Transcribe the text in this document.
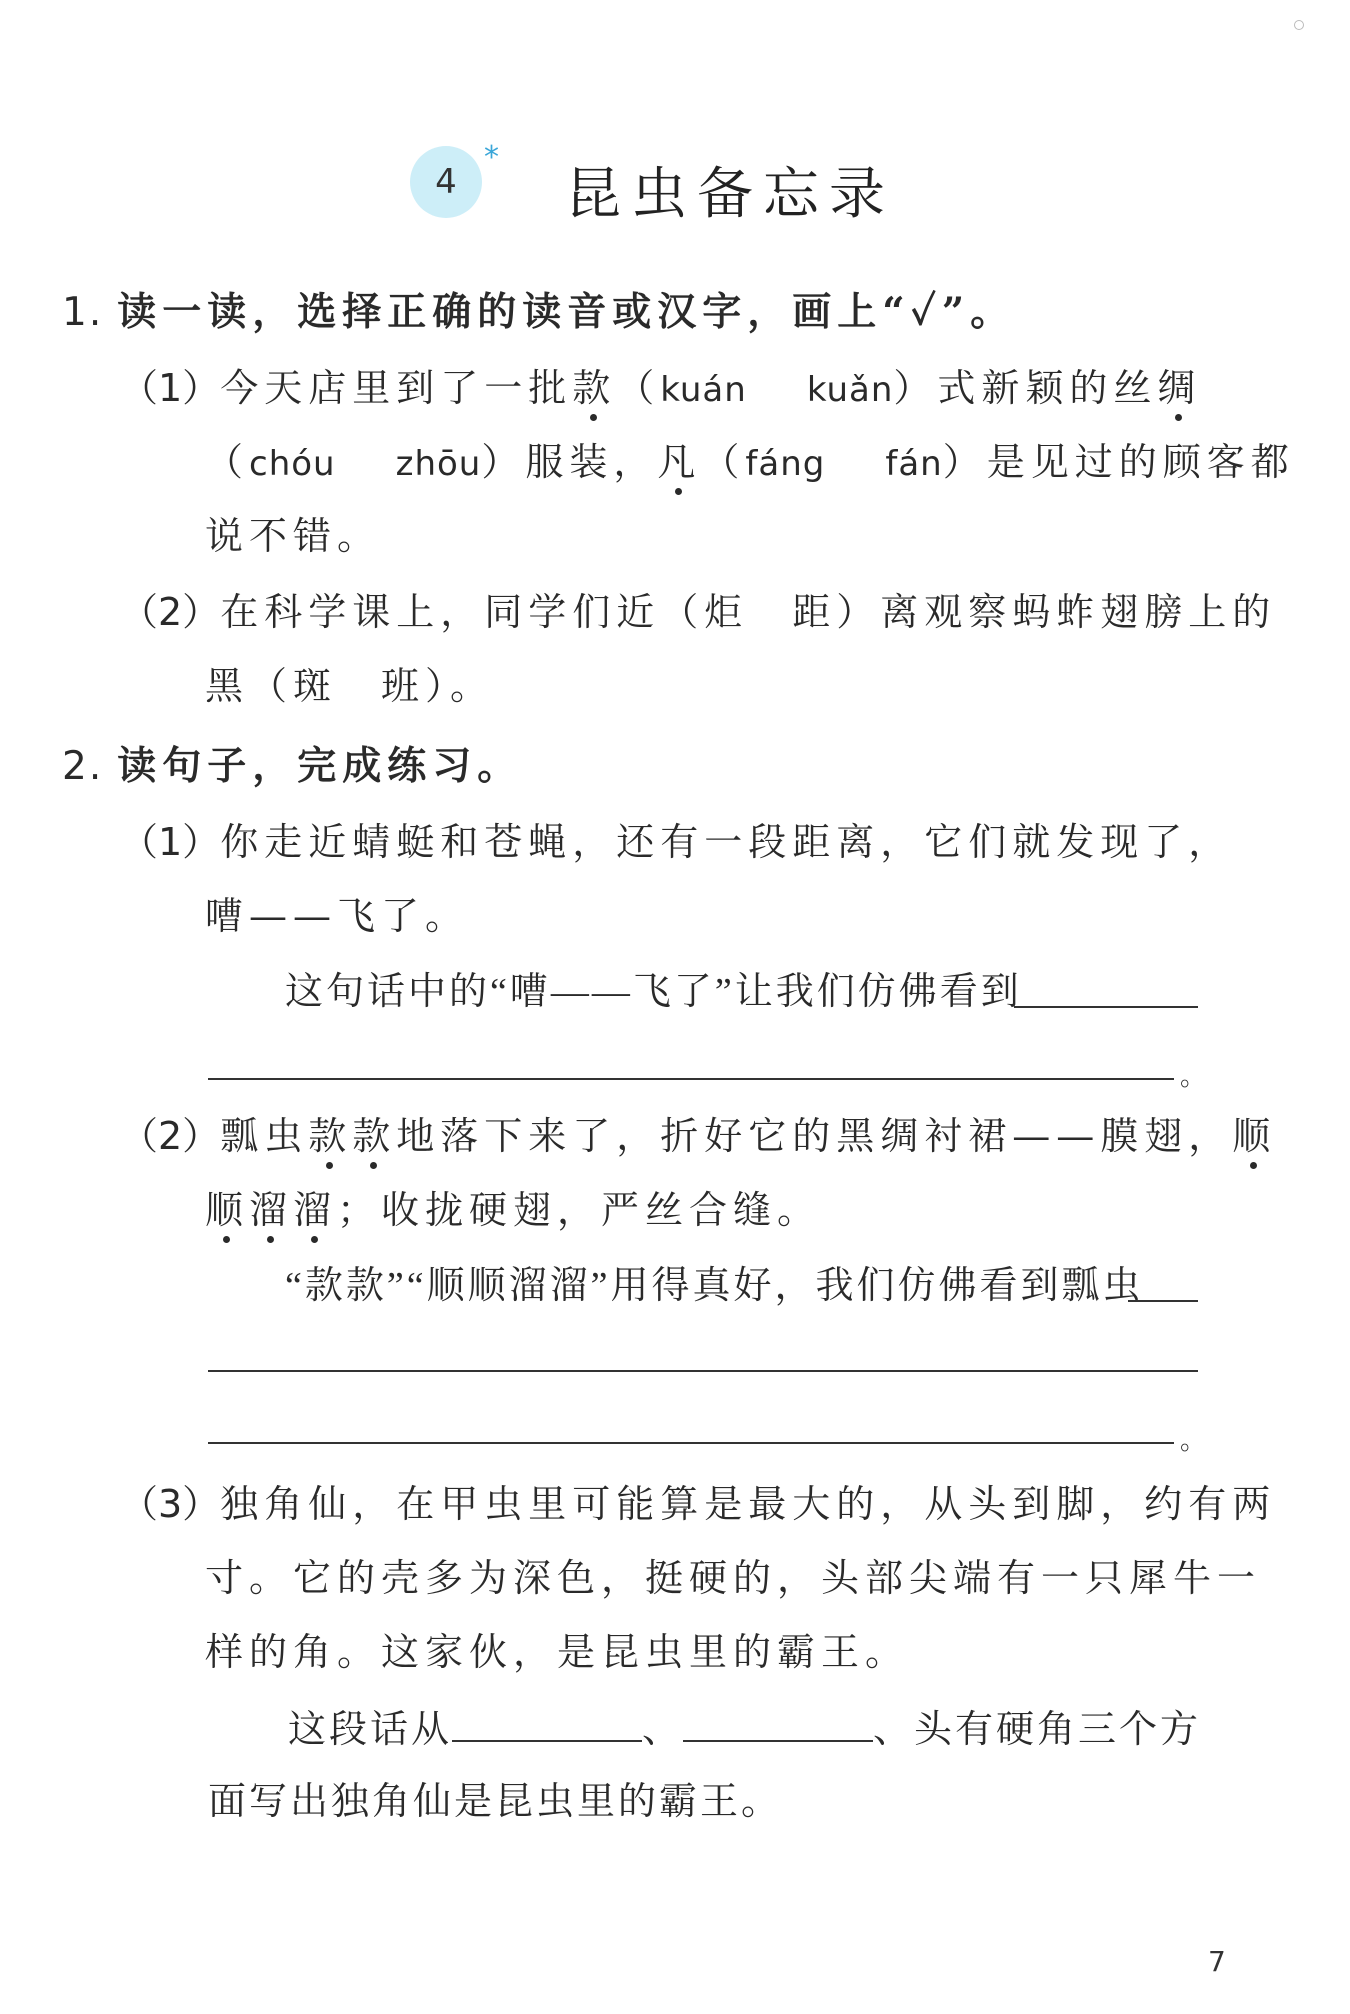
4
*
昆虫备忘录
1. 读一读，选择正确的读音或汉字，画上“✓”。
（1）今天店里到了一批款（kuán kuǎn）式新颖的丝绸
（chóu zhōu）服装，凡（fáng fán）是见过的顾客都
说不错。
（2）在科学课上，同学们近（炬　距）离观察蚂蚱翅膀上的
黑（斑　班）。
2. 读句子，完成练习。
（1）你走近蜻蜓和苍蝇，还有一段距离，它们就发现了，
嘈——飞了。
这句话中的“嘈——飞了”让我们仿佛看到
。
（2）瓢虫款款地落下来了，折好它的黑绸衬裙——膜翅，顺
顺溜溜；收拢硬翅，严丝合缝。
“款款”“顺顺溜溜”用得真好，我们仿佛看到瓢虫
。
（3）独角仙，在甲虫里可能算是最大的，从头到脚，约有两
寸。它的壳多为深色，挺硬的，头部尖端有一只犀牛一
样的角。这家伙，是昆虫里的霸王。
这段话从	、	、头有硬角三个方
面写出独角仙是昆虫里的霸王。
7
